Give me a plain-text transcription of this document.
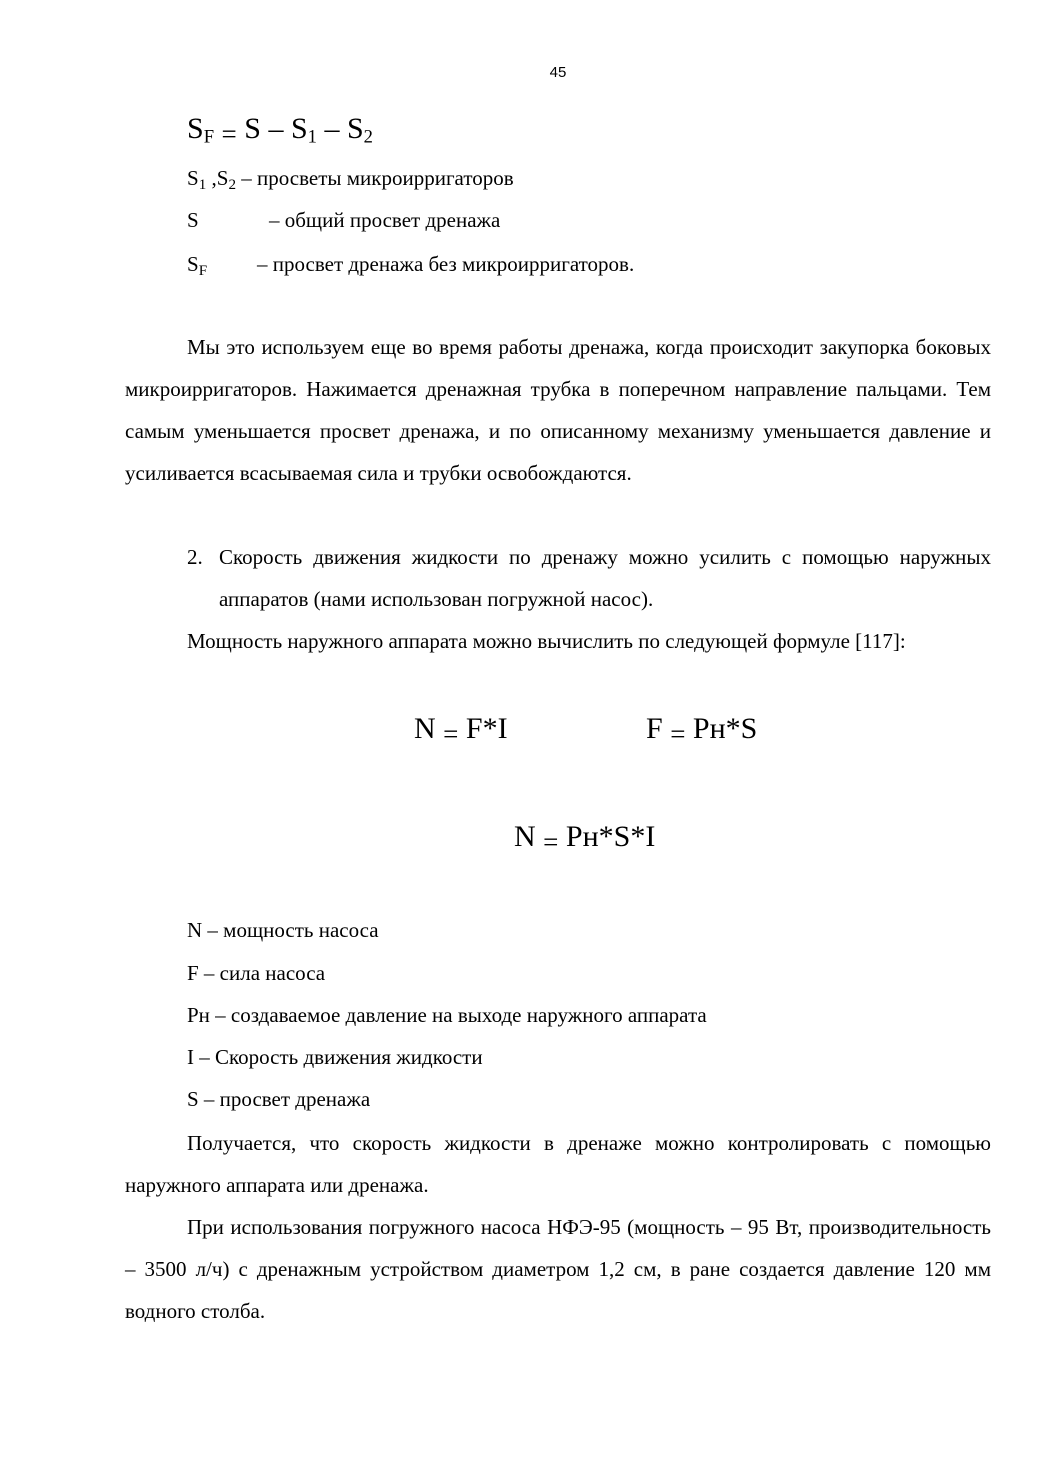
45
$S_F = S - S_1 - S_2$
$S_1$ $,S_2$ – просветы микроирригаторов
S	– общий просвет дренажа
$S_F$ – просвет дренажа без микроирригаторов.
Мы это используем еще во время работы дренажа, когда происходит закупорка боковых микроирригаторов. Нажимается дренажная трубка в поперечном направление пальцами. Тем самым уменьшается просвет дренажа, и по описанному механизму уменьшается давление и усиливается всасываемая сила и трубки освобождаются.
2. Скорость движения жидкости по дренажу можно усилить с помощью наружных аппаратов (нами использован погружной насос).
Мощность наружного аппарата можно вычислить по следующей формуле [117]:
N = F*I	F = Pн*S
N = Pн*S*I
N – мощность насоса
F – сила насоса
Pн – создаваемое давление на выходе наружного аппарата
I – Скорость движения жидкости
S – просвет дренажа
Получается, что скорость жидкости в дренаже можно контролировать с помощью наружного аппарата или дренажа.
При использования погружного насоса НФЭ-95 (мощность – 95 Вт, производительность – 3500 л/ч) с дренажным устройством диаметром 1,2 см, в ране создается давление 120 мм водного столба.
